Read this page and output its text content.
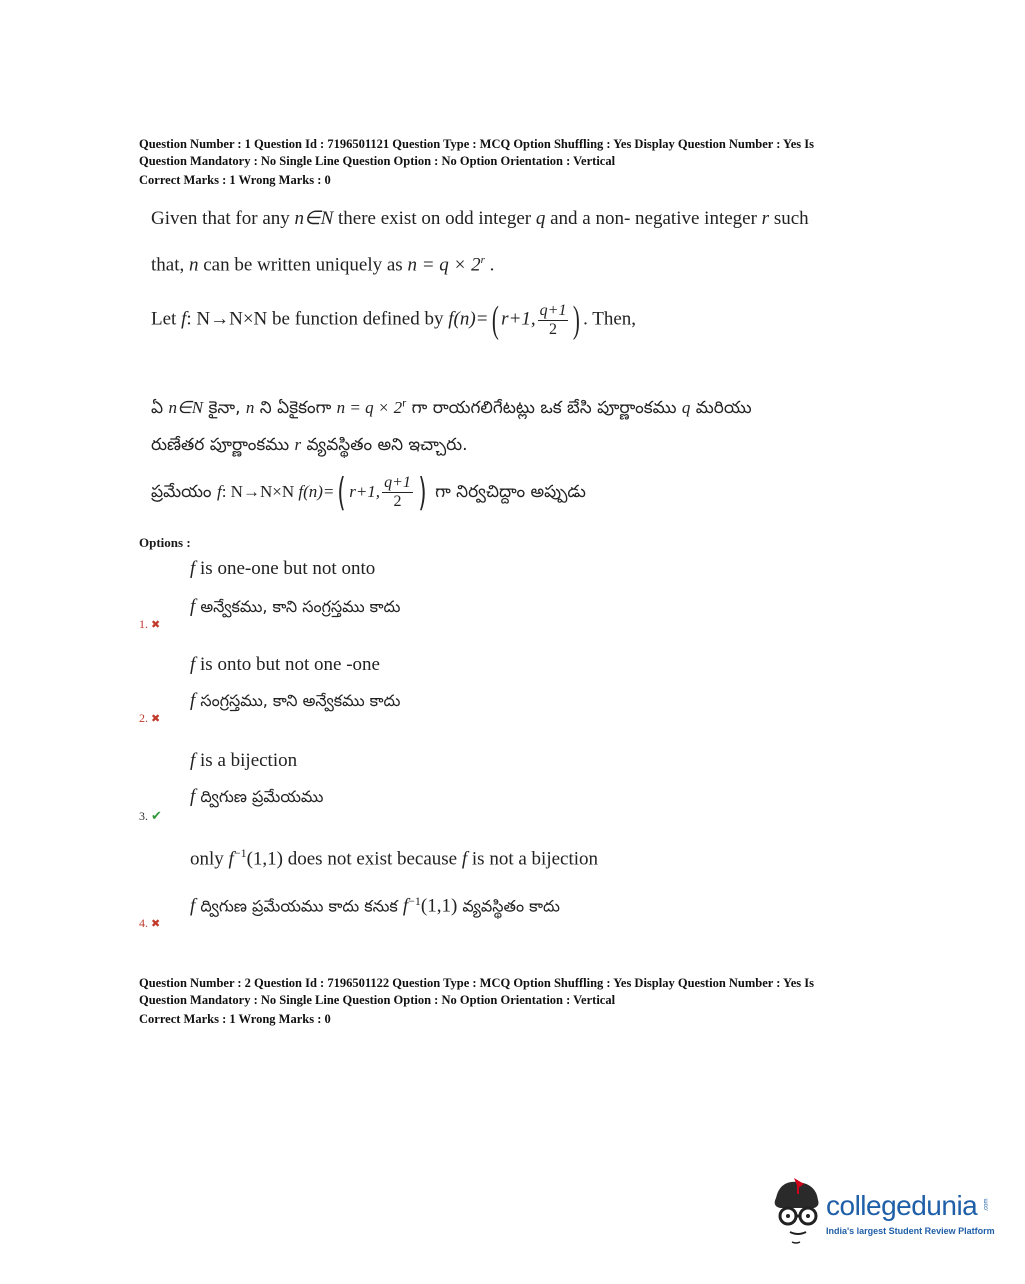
Question Number : 1 Question Id : 7196501121 Question Type : MCQ Option Shuffling : Yes Display Question Number : Yes Is
Question Mandatory : No Single Line Question Option : No Option Orientation : Vertical
Correct Marks : 1 Wrong Marks : 0
Given that for any n∈N there exist on odd integer q and a non- negative integer r such
that, n can be written uniquely as $n = q \times 2^r$ .
Let f: N→N×N be function defined by f(n)=( r+1, $\frac{q+1}{2}$ ) . Then,
ఏ n∈N కైనా, n ని ఏకైకంగా $n = q \times 2^r$ గా రాయగలిగేటట్లు ఒక బేసి పూర్ణాంకము q మరియు
రుణేతర పూర్ణాంకము r వ్యవస్థితం అని ఇచ్చారు.
ప్రమేయం f: N→N×N f(n)=( r+1, $\frac{q+1}{2}$ ) గా నిర్వచిద్దాం అప్పుడు
Options :
f is one-one but not onto
f అన్వేకము, కాని సంగ్రస్తము కాదు
1. ✖
f is onto but not one -one
f సంగ్రస్తము, కాని అన్వేకము కాదు
2. ✖
f is a bijection
f ద్విగుణ ప్రమేయము
3. ✔
only $f^{-1}(1,1)$ does not exist because f is not a bijection
f ద్విగుణ ప్రమేయము కాదు కనుక $f^{-1}(1,1)$ వ్యవస్థితం కాదు
4. ✖
Question Number : 2 Question Id : 7196501122 Question Type : MCQ Option Shuffling : Yes Display Question Number : Yes Is
Question Mandatory : No Single Line Question Option : No Option Orientation : Vertical
Correct Marks : 1 Wrong Marks : 0
collegedunia .com
India's largest Student Review Platform
